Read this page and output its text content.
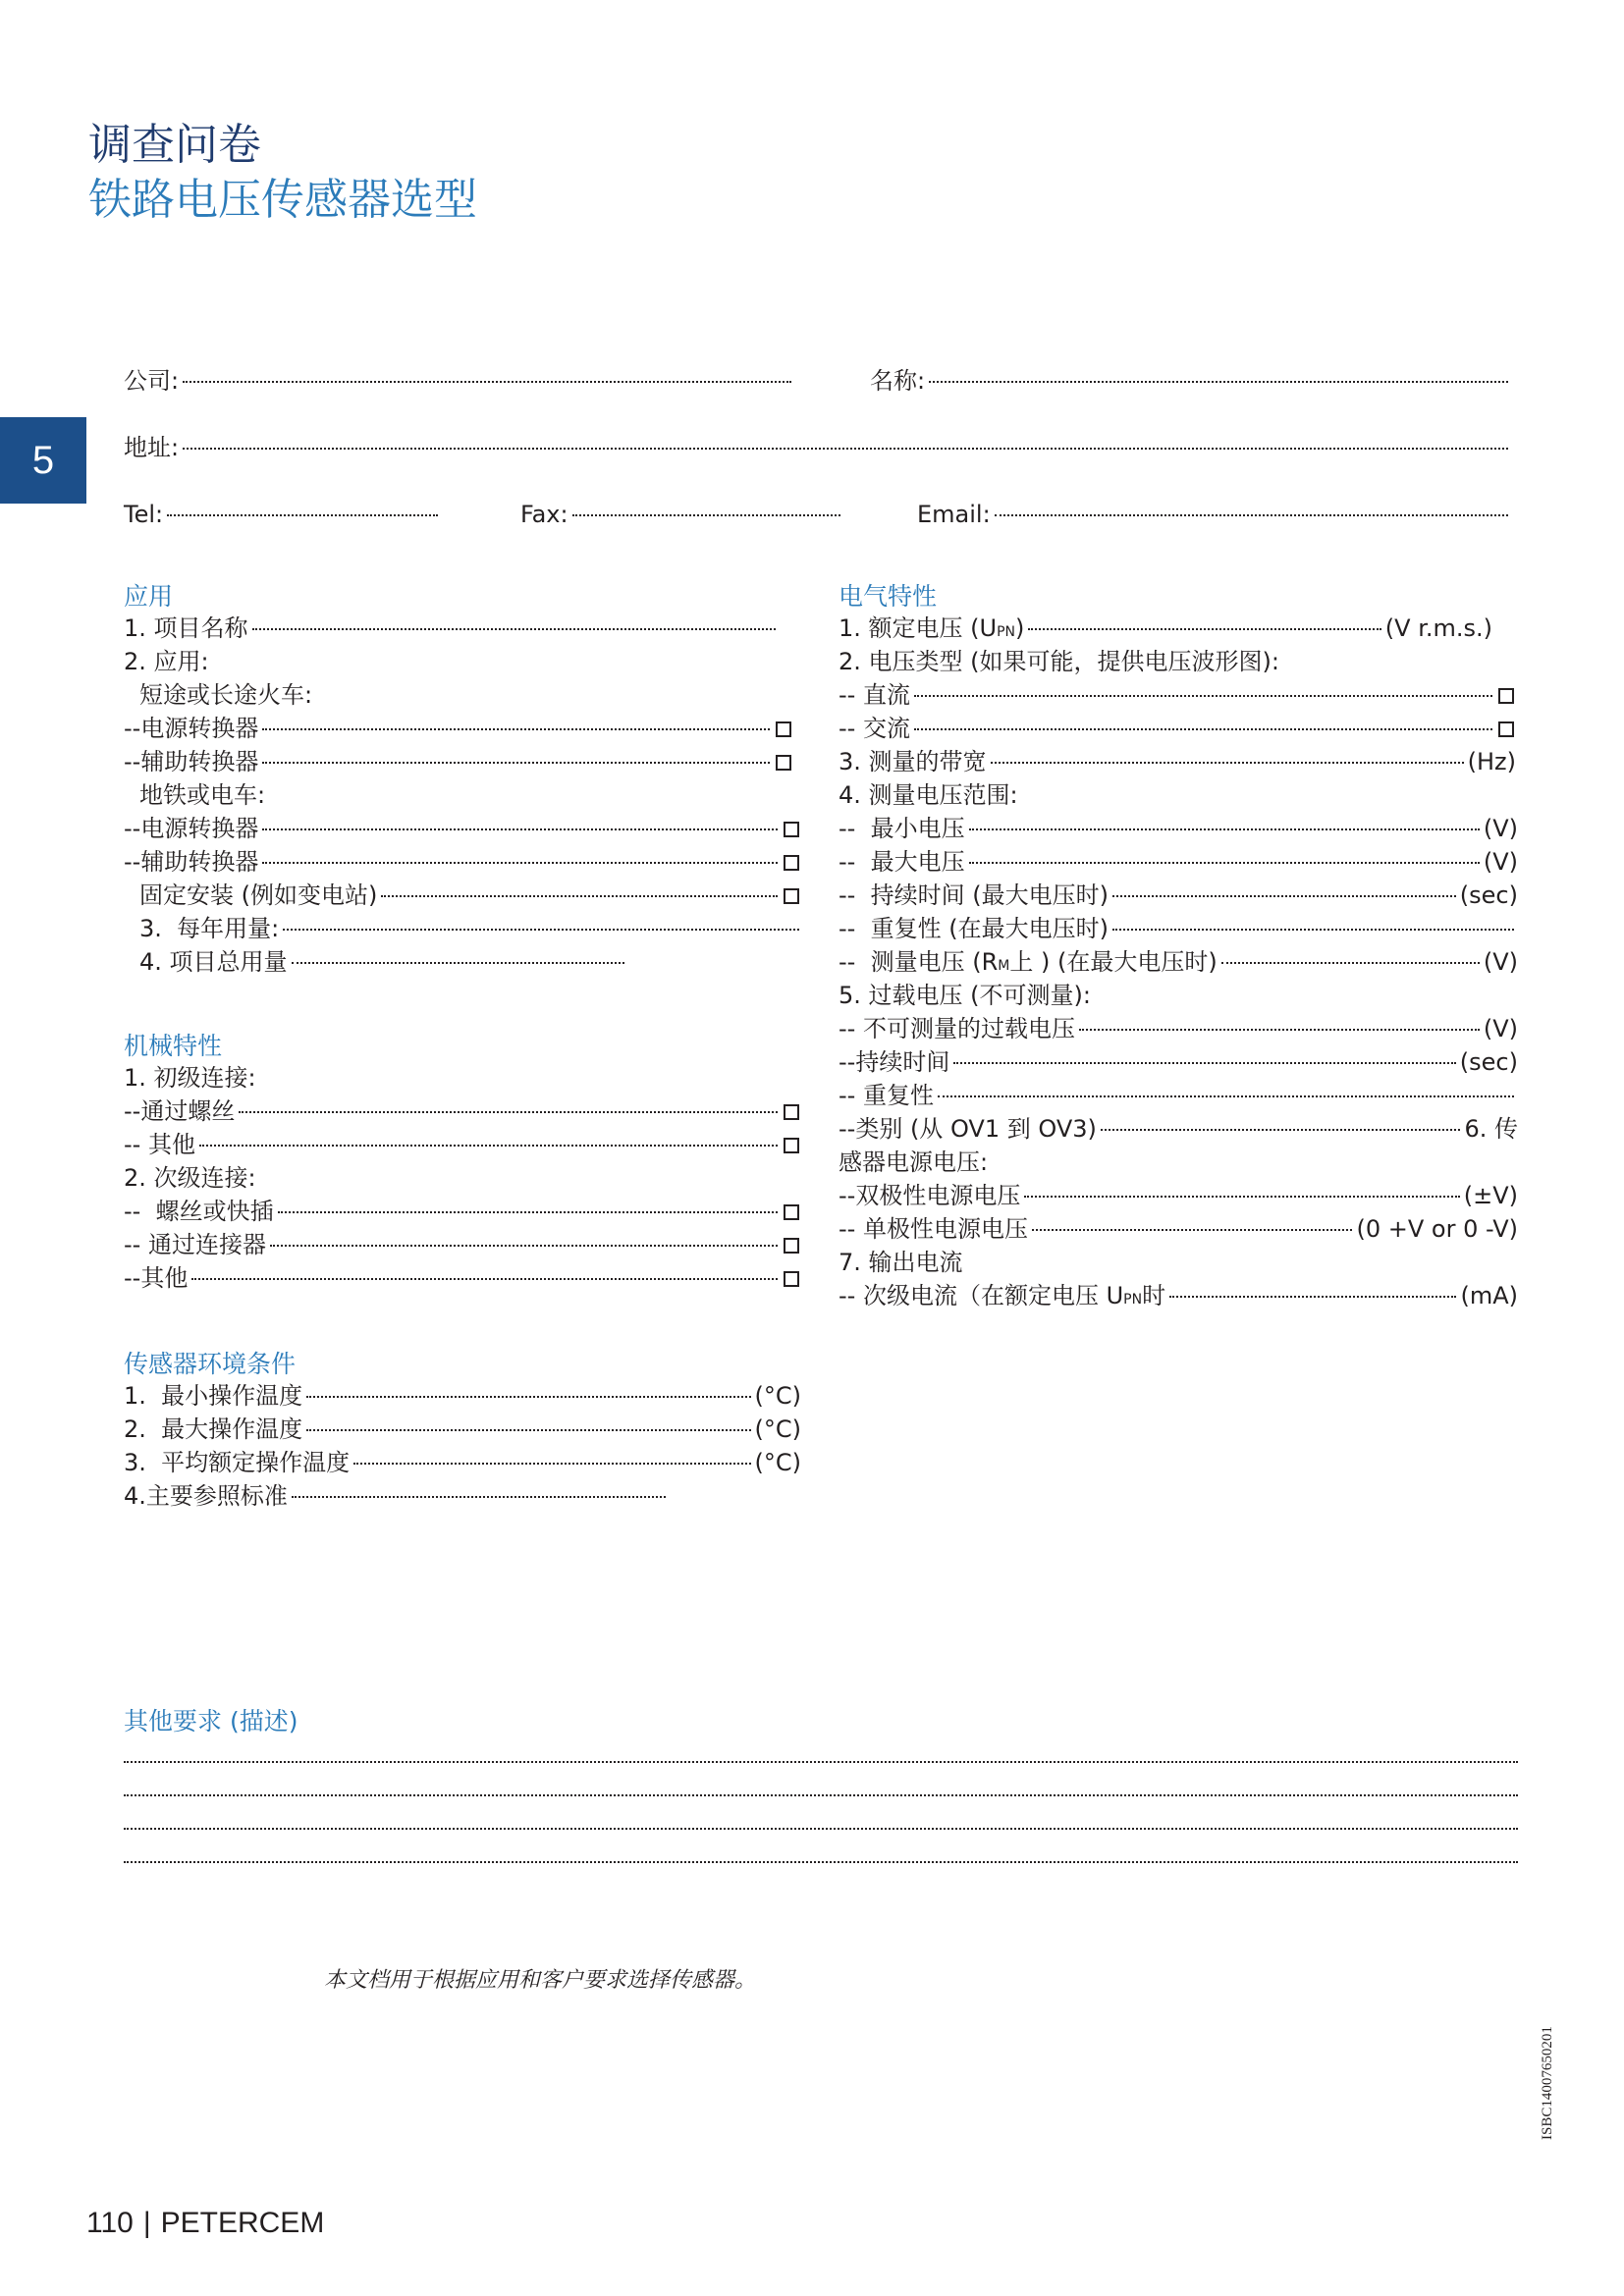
调查问卷
铁路电压传感器选型
5
公司:	名称:
地址:
Tel:	Fax:	Email:
应用
1. 项目名称
2. 应用:
短途或长途火车:
--电源转换器
--辅助转换器
地铁或电车:
--电源转换器
--辅助转换器
固定安装 (例如变电站)
3.  每年用量:
4. 项目总用量
机械特性
1. 初级连接:
--通过螺丝
-- 其他
2. 次级连接:
--  螺丝或快插
-- 通过连接器
--其他
传感器环境条件
1.  最小操作温度	(°C)
2.  最大操作温度	(°C)
3.  平均额定操作温度	(°C)
4.主要参照标准
电气特性
1. 额定电压 (U PN )	(V r.m.s.)
2. 电压类型 (如果可能，提供电压波形图):
-- 直流
-- 交流
3. 测量的带宽	(Hz)
4. 测量电压范围:
--  最小电压	(V)
--  最大电压	(V)
--  持续时间 (最大电压时)	(sec)
--  重复性 (在最大电压时)
--  测量电压 (R M 上 ) (在最大电压时)	(V)
5. 过载电压 (不可测量):
-- 不可测量的过载电压	(V)
--持续时间	(sec)
-- 重复性
--类别 (从 OV1 到 OV3)	6. 传
感器电源电压:
--双极性电源电压	(±V)
-- 单极性电源电压	(0 +V or 0 -V)
7. 输出电流
-- 次级电流（在额定电压 U PN 时	(mA)
其他要求 (描述)
本文档用于根据应用和客户要求选择传感器。
ISBC14007650201
110 | PETERCEM
